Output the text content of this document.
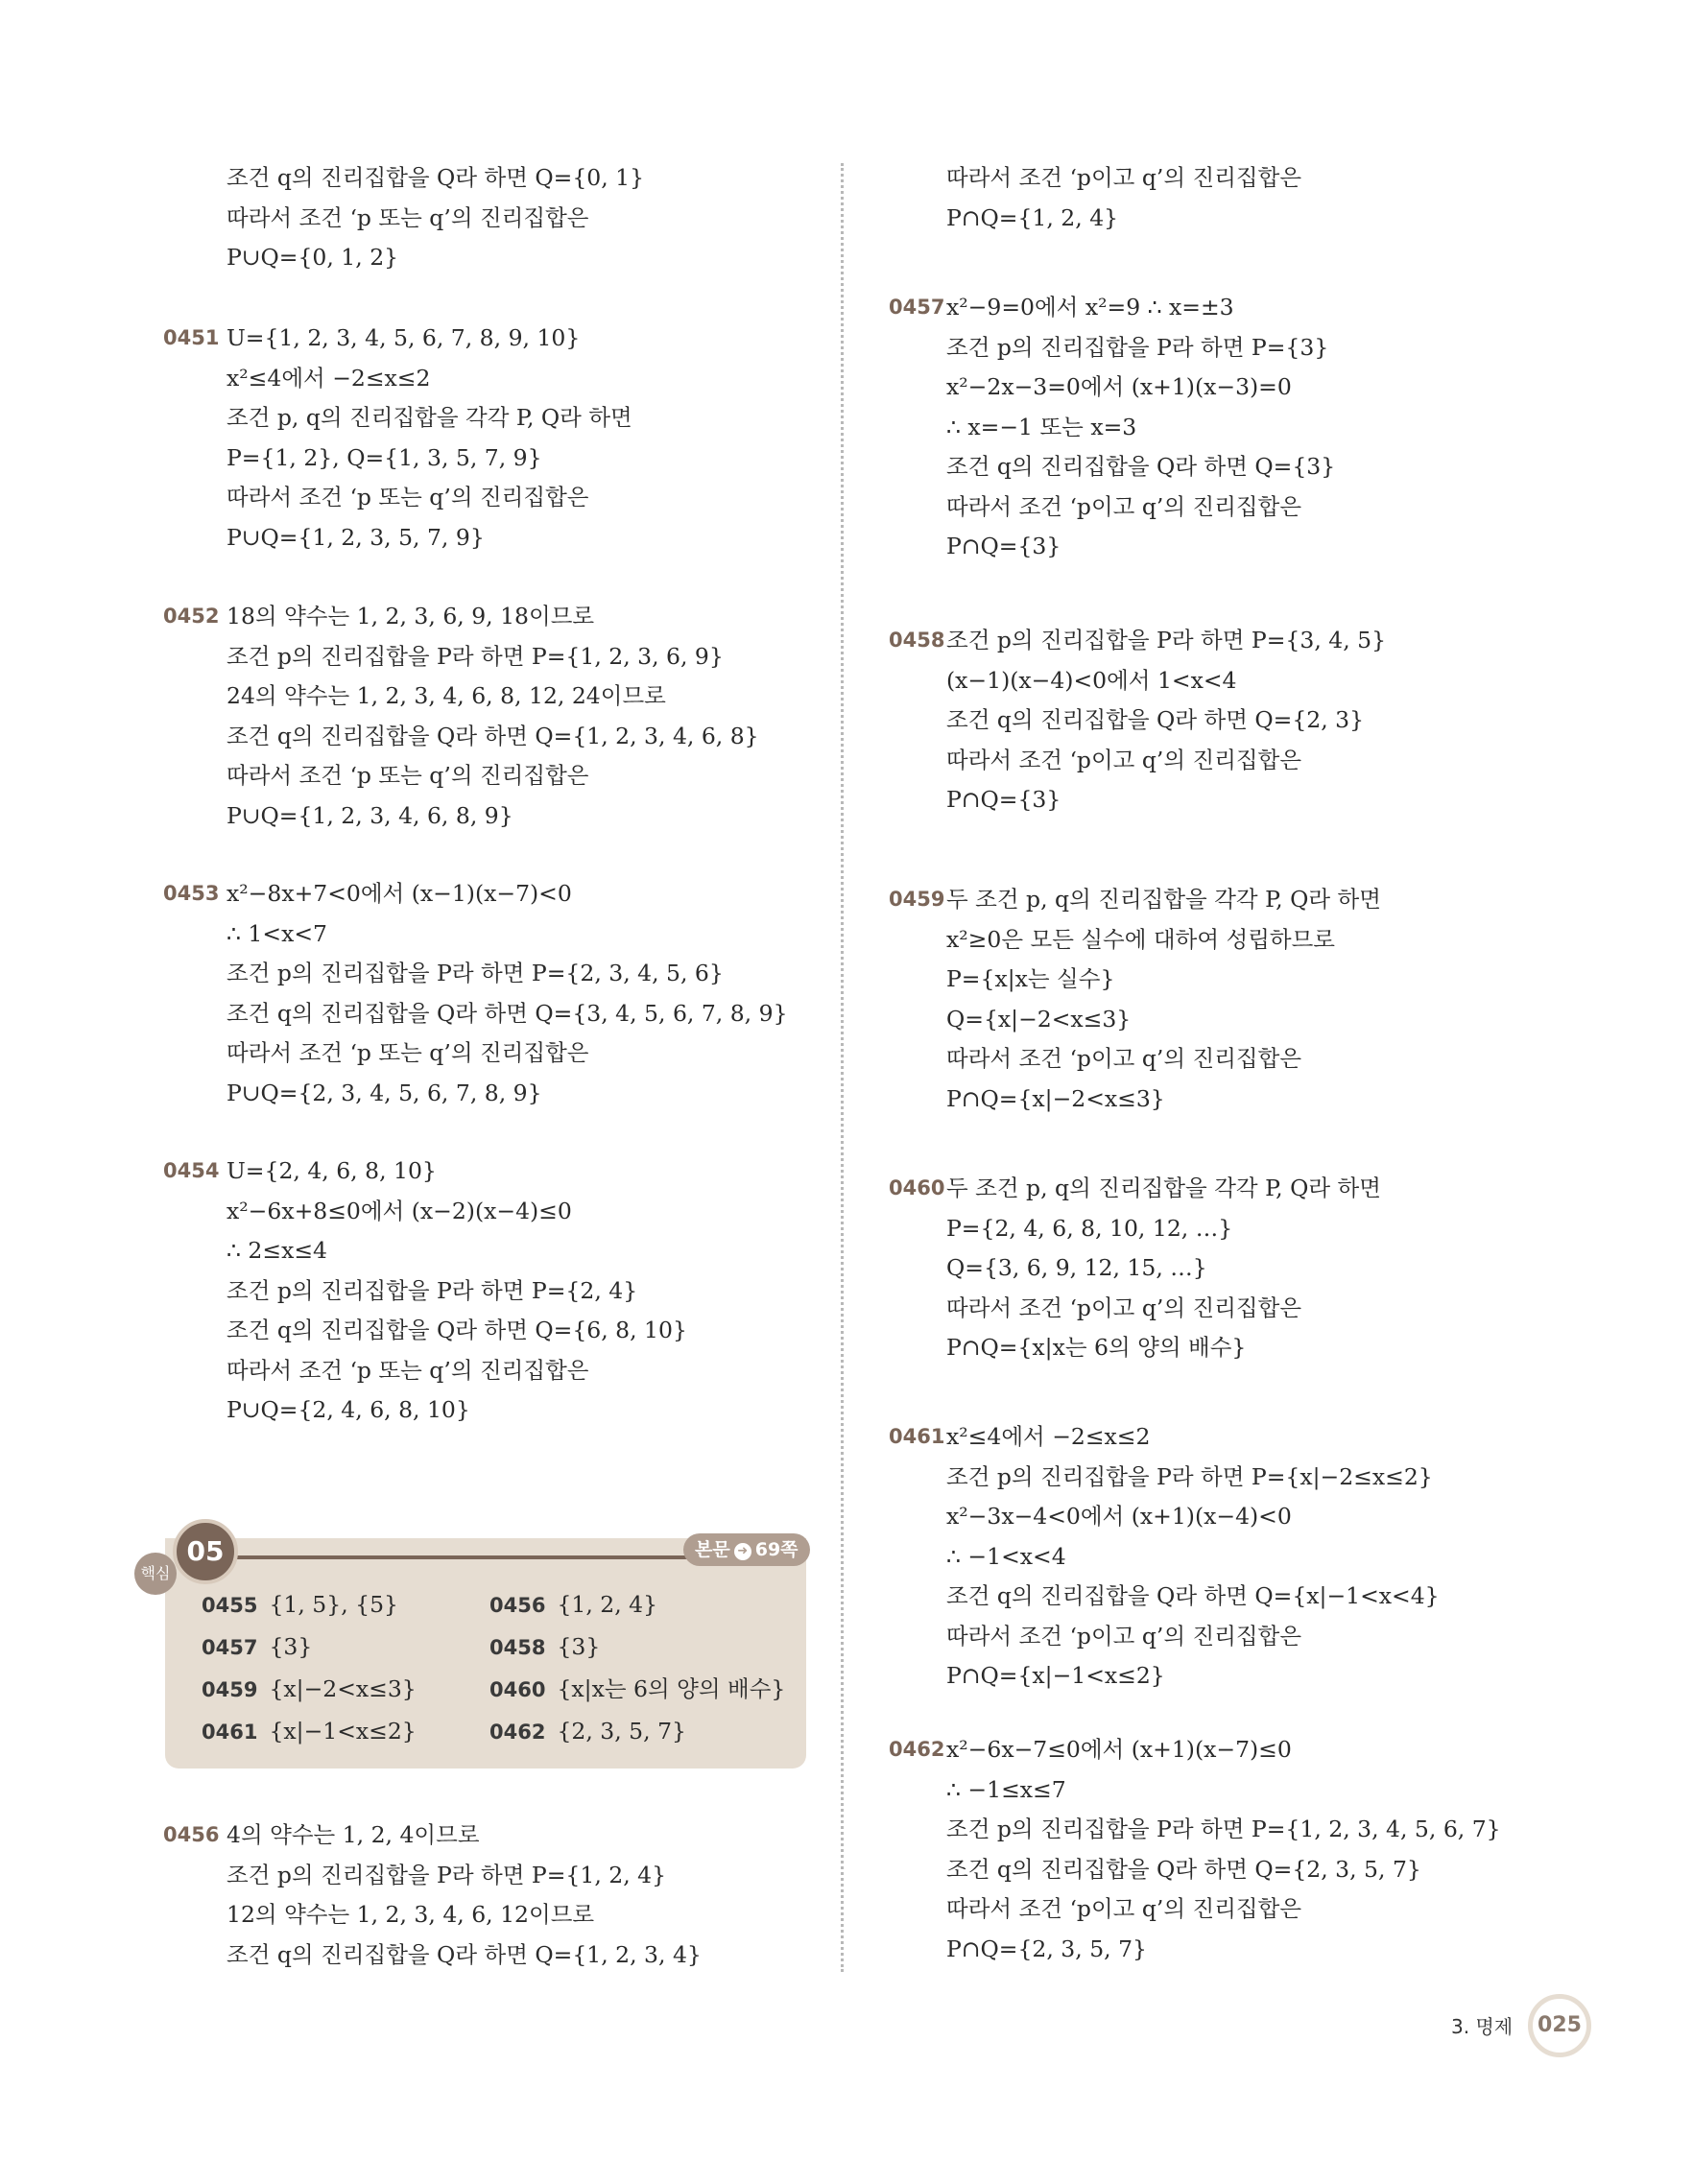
조건 q의 진리집합을 Q라 하면 Q={0, 1}
따라서 조건 ‘p 또는 q’의 진리집합은
P∪Q={0, 1, 2}
0451 U={1, 2, 3, 4, 5, 6, 7, 8, 9, 10}
x²≤4에서 −2≤x≤2
조건 p, q의 진리집합을 각각 P, Q라 하면
P={1, 2}, Q={1, 3, 5, 7, 9}
따라서 조건 ‘p 또는 q’의 진리집합은
P∪Q={1, 2, 3, 5, 7, 9}
0452 18의 약수는 1, 2, 3, 6, 9, 18이므로
조건 p의 진리집합을 P라 하면 P={1, 2, 3, 6, 9}
24의 약수는 1, 2, 3, 4, 6, 8, 12, 24이므로
조건 q의 진리집합을 Q라 하면 Q={1, 2, 3, 4, 6, 8}
따라서 조건 ‘p 또는 q’의 진리집합은
P∪Q={1, 2, 3, 4, 6, 8, 9}
0453 x²−8x+7<0에서 (x−1)(x−7)<0
∴ 1<x<7
조건 p의 진리집합을 P라 하면 P={2, 3, 4, 5, 6}
조건 q의 진리집합을 Q라 하면 Q={3, 4, 5, 6, 7, 8, 9}
따라서 조건 ‘p 또는 q’의 진리집합은
P∪Q={2, 3, 4, 5, 6, 7, 8, 9}
0454 U={2, 4, 6, 8, 10}
x²−6x+8≤0에서 (x−2)(x−4)≤0
∴ 2≤x≤4
조건 p의 진리집합을 P라 하면 P={2, 4}
조건 q의 진리집합을 Q라 하면 Q={6, 8, 10}
따라서 조건 ‘p 또는 q’의 진리집합은
P∪Q={2, 4, 6, 8, 10}
0456 4의 약수는 1, 2, 4이므로
조건 p의 진리집합을 P라 하면 P={1, 2, 4}
12의 약수는 1, 2, 3, 4, 6, 12이므로
조건 q의 진리집합을 Q라 하면 Q={1, 2, 3, 4}
따라서 조건 ‘p이고 q’의 진리집합은
P∩Q={1, 2, 4}
0457 x²−9=0에서 x²=9 ∴ x=±3
조건 p의 진리집합을 P라 하면 P={3}
x²−2x−3=0에서 (x+1)(x−3)=0
∴ x=−1 또는 x=3
조건 q의 진리집합을 Q라 하면 Q={3}
따라서 조건 ‘p이고 q’의 진리집합은
P∩Q={3}
0458 조건 p의 진리집합을 P라 하면 P={3, 4, 5}
(x−1)(x−4)<0에서 1<x<4
조건 q의 진리집합을 Q라 하면 Q={2, 3}
따라서 조건 ‘p이고 q’의 진리집합은
P∩Q={3}
0459 두 조건 p, q의 진리집합을 각각 P, Q라 하면
x²≥0은 모든 실수에 대하여 성립하므로
P={x|x는 실수}
Q={x|−2<x≤3}
따라서 조건 ‘p이고 q’의 진리집합은
P∩Q={x|−2<x≤3}
0460 두 조건 p, q의 진리집합을 각각 P, Q라 하면
P={2, 4, 6, 8, 10, 12, …}
Q={3, 6, 9, 12, 15, …}
따라서 조건 ‘p이고 q’의 진리집합은
P∩Q={x|x는 6의 양의 배수}
0461 x²≤4에서 −2≤x≤2
조건 p의 진리집합을 P라 하면 P={x|−2≤x≤2}
x²−3x−4<0에서 (x+1)(x−4)<0
∴ −1<x<4
조건 q의 진리집합을 Q라 하면 Q={x|−1<x<4}
따라서 조건 ‘p이고 q’의 진리집합은
P∩Q={x|−1<x≤2}
0462 x²−6x−7≤0에서 (x+1)(x−7)≤0
∴ −1≤x≤7
조건 p의 진리집합을 P라 하면 P={1, 2, 3, 4, 5, 6, 7}
조건 q의 진리집합을 Q라 하면 Q={2, 3, 5, 7}
따라서 조건 ‘p이고 q’의 진리집합은
P∩Q={2, 3, 5, 7}
핵심
05	본문 ➜ 69쪽
0455 {1, 5}, {5}	0456 {1, 2, 4}
0457 {3}	0458 {3}
0459 {x|−2<x≤3}	0460 {x|x는 6의 양의 배수}
0461 {x|−1<x≤2}	0462 {2, 3, 5, 7}
3. 명제	025
